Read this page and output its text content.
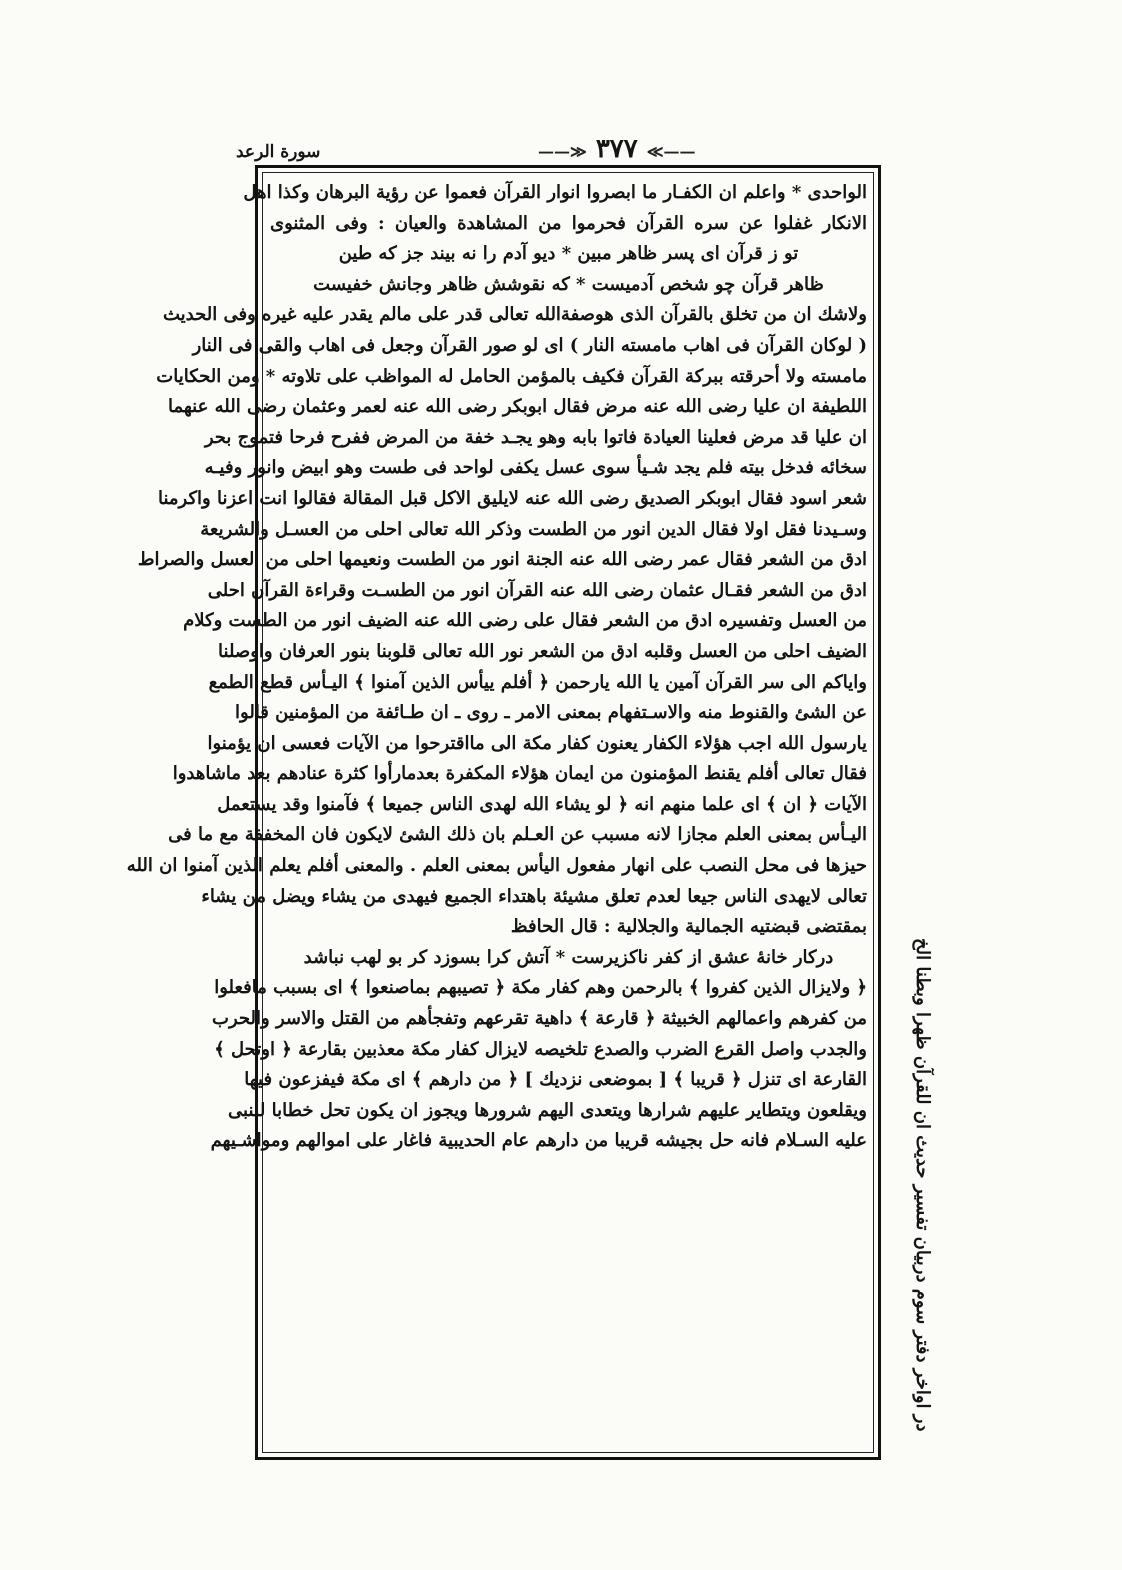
سورة الرعد	——≫ ٣٧٧ ≪——
در اواخر دفتر سوم دربيان تفسير حديث ان للقرآن ظهرا وبطنا الخ
الواحدى * واعلم ان الكفـار ما ابصروا انوار القرآن فعموا عن رؤية البرهان وكذا اهل
الانكار غفلوا عن سره القرآن فحرموا من المشاهدة والعيان : وفى المثنوى
تو ز قرآن اى پسر ظاهر مبين * ديو آدم را نه بيند جز كه طين
ظاهر قرآن چو شخص آدميست * كه نقوشش ظاهر وجانش خفيست
ولاشك ان من تخلق بالقرآن الذى هوصفةالله تعالى قدر على مالم يقدر عليه غيره وفى الحديث
( لوكان القرآن فى اهاب مامسته النار ) اى لو صور القرآن وجعل فى اهاب والقى فى النار
مامسته ولا أحرقته ببركة القرآن فكيف بالمؤمن الحامل له المواظب على تلاوته * ومن الحكايات
اللطيفة ان عليا رضى الله عنه مرض فقال ابوبكر رضى الله عنه لعمر وعثمان رضى الله عنهما
ان عليا قد مرض فعلينا العيادة فاتوا بابه وهو يجـد خفة من المرض ففرح فرحا فتموج بحر
سخائه فدخل بيته فلم يجد شـيأ سوى عسل يكفى لواحد فى طست وهو ابيض وانور وفيـه
شعر اسود فقال ابوبكر الصديق رضى الله عنه لايليق الاكل قبل المقالة فقالوا انت اعزنا واكرمنا
وسـيدنا فقل اولا فقال الدين انور من الطست وذكر الله تعالى احلى من العسـل والشريعة
ادق من الشعر فقال عمر رضى الله عنه الجنة انور من الطست ونعيمها احلى من العسل والصراط
ادق من الشعر فقـال عثمان رضى الله عنه القرآن انور من الطسـت وقراءة القرآن احلى
من العسل وتفسيره ادق من الشعر فقال على رضى الله عنه الضيف انور من الطست وكلام
الضيف احلى من العسل وقلبه ادق من الشعر نور الله تعالى قلوبنا بنور العرفان واوصلنا
واياكم الى سر القرآن آمين يا الله يارحمن ﴿ أفلم ييأس الذين آمنوا ﴾ اليـأس قطع الطمع
عن الشئ والقنوط منه والاسـتفهام بمعنى الامر ـ روى ـ ان طـائفة من المؤمنين قالوا
يارسول الله اجب هؤلاء الكفار يعنون كفار مكة الى مااقترحوا من الآيات فعسى ان يؤمنوا
فقال تعالى أفلم يقنط المؤمنون من ايمان هؤلاء المكفرة بعدمارأوا كثرة عنادهم بعد ماشاهدوا
الآيات ﴿ ان ﴾ اى علما منهم انه ﴿ لو يشاء الله لهدى الناس جميعا ﴾ فآمنوا وقد يستعمل
اليـأس بمعنى العلم مجازا لانه مسبب عن العـلم بان ذلك الشئ لايكون فان المخففة مع ما فى
حيزها فى محل النصب على انهار مفعول اليأس بمعنى العلم . والمعنى أفلم يعلم الذين آمنوا ان الله
تعالى لايهدى الناس جيعا لعدم تعلق مشيئة باهتداء الجميع فيهدى من يشاء ويضل من يشاء
بمقتضى قبضتيه الجمالية والجلالية : قال الحافظ
دركار خانۀ عشق از كفر ناكزيرست * آتش كرا بسوزد كر بو لهب نباشد
﴿ ولايزال الذين كفروا ﴾ بالرحمن وهم كفار مكة ﴿ تصيبهم بماصنعوا ﴾ اى بسبب مافعلوا
من كفرهم واعمالهم الخبيثة ﴿ قارعة ﴾ داهية تقرعهم وتفجأهم من القتل والاسر والحرب
والجدب واصل القرع الضرب والصدع تلخيصه لايزال كفار مكة معذبين بقارعة ﴿ اوتحل ﴾
القارعة اى تنزل ﴿ قريبا ﴾ [ بموضعى نزديك ] ﴿ من دارهم ﴾ اى مكة فيفزعون فيها
ويقلعون ويتطاير عليهم شرارها ويتعدى اليهم شرورها ويجوز ان يكون تحل خطابا للنبى
عليه السـلام فانه حل بجيشه قريبا من دارهم عام الحديبية فاغار على اموالهم ومواشـيهم
